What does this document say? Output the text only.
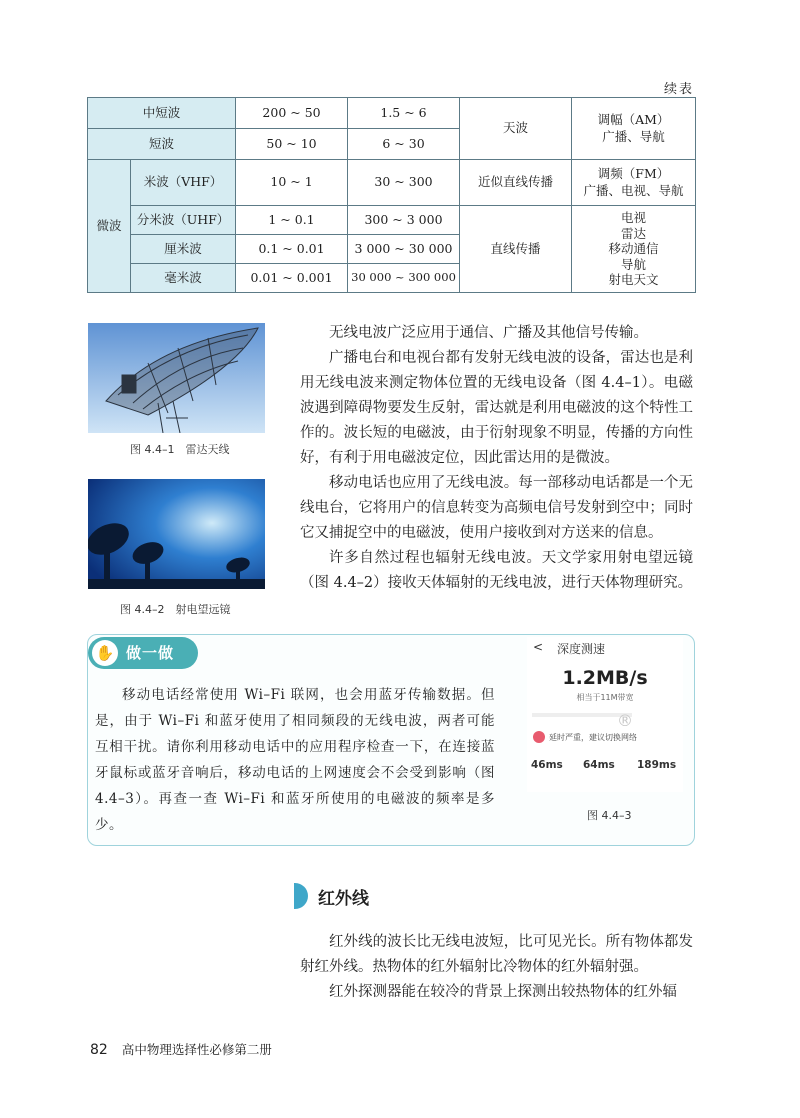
续表
中短波		200 ~ 50	1.5 ~ 6	天波	调幅（AM）
广播、导航

短波		50 ~ 10	6 ~ 30		
微波	米波（VHF）	10 ~ 1	30 ~ 300	近似直线传播	调频（FM）
广播、电视、导航

	分米波（UHF）	1 ~ 0.1	300 ~ 3 000	直线传播	电视
雷达
移动通信
导航
射电天文

	厘米波	0.1 ~ 0.01	3 000 ~ 30 000		
	毫米波	0.01 ~ 0.001	30 000 ~ 300 000		
图 4.4–1　雷达天线
图 4.4–2　射电望远镜

无线电波广泛应用于通信、广播及其他信号传输。

广播电台和电视台都有发射无线电波的设备，雷达也是利用无线电波来测定物体位置的无线电设备（图 4.4–1）。电磁波遇到障碍物要发生反射，雷达就是利用电磁波的这个特性工作的。波长短的电磁波，由于衍射现象不明显，传播的方向性好，有利于用电磁波定位，因此雷达用的是微波。

移动电话也应用了无线电波。每一部移动电话都是一个无线电台，它将用户的信息转变为高频电信号发射到空中；同时它又捕捉空中的电磁波，使用户接收到对方送来的信息。

许多自然过程也辐射无线电波。天文学家用射电望远镜（图 4.4–2）接收天体辐射的无线电波，进行天体物理研究。

✋ 做一做

移动电话经常使用 Wi–Fi 联网，也会用蓝牙传输数据。但是，由于 Wi–Fi 和蓝牙使用了相同频段的无线电波，两者可能互相干扰。请你利用移动电话中的应用程序检查一下，在连接蓝牙鼠标或蓝牙音响后，移动电话的上网速度会不会受到影响（图 4.4–3）。再查一查 Wi–Fi 和蓝牙所使用的电磁波的频率是多少。

< 深度测速
1.2MB/s
相当于11M带宽
延时严重，建议切换网络
46ms 64ms 189ms
®
图 4.4–3
红外线

红外线的波长比无线电波短，比可见光长。所有物体都发射红外线。热物体的红外辐射比冷物体的红外辐射强。

红外探测器能在较冷的背景上探测出较热物体的红外辐

82 高中物理选择性必修第二册
